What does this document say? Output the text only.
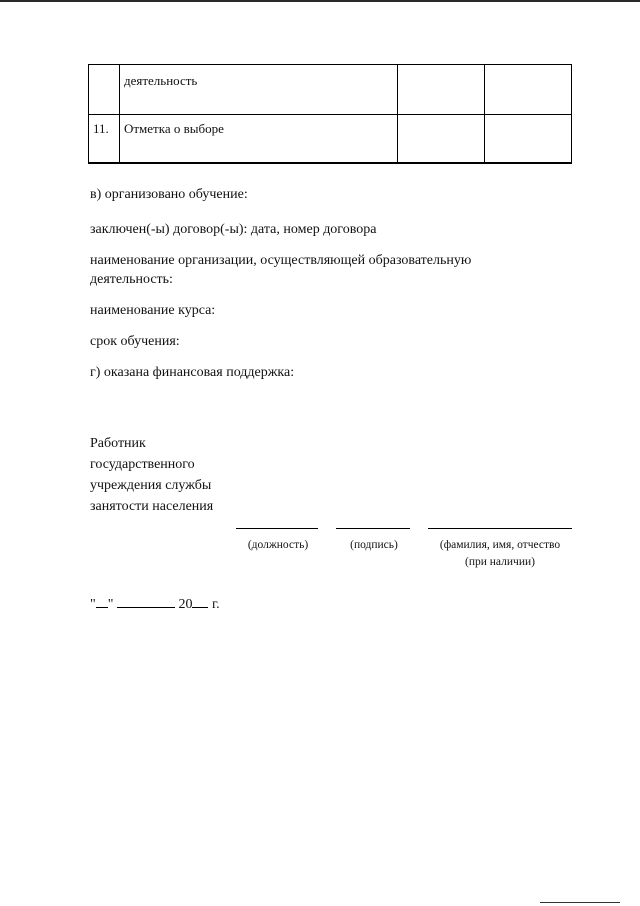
	деятельность		
11.	Отметка о выборе		
в) организовано обучение:
заключен(-ы) договор(-ы): дата, номер договора
наименование организации, осуществляющей образовательную деятельность:
наименование курса:
срок обучения:
г) оказана финансовая поддержка:
Работник
государственного
учреждения службы
занятости населения
(должность)	(подпись)	(фамилия, имя, отчество
(при наличии)
" "	20 г.
